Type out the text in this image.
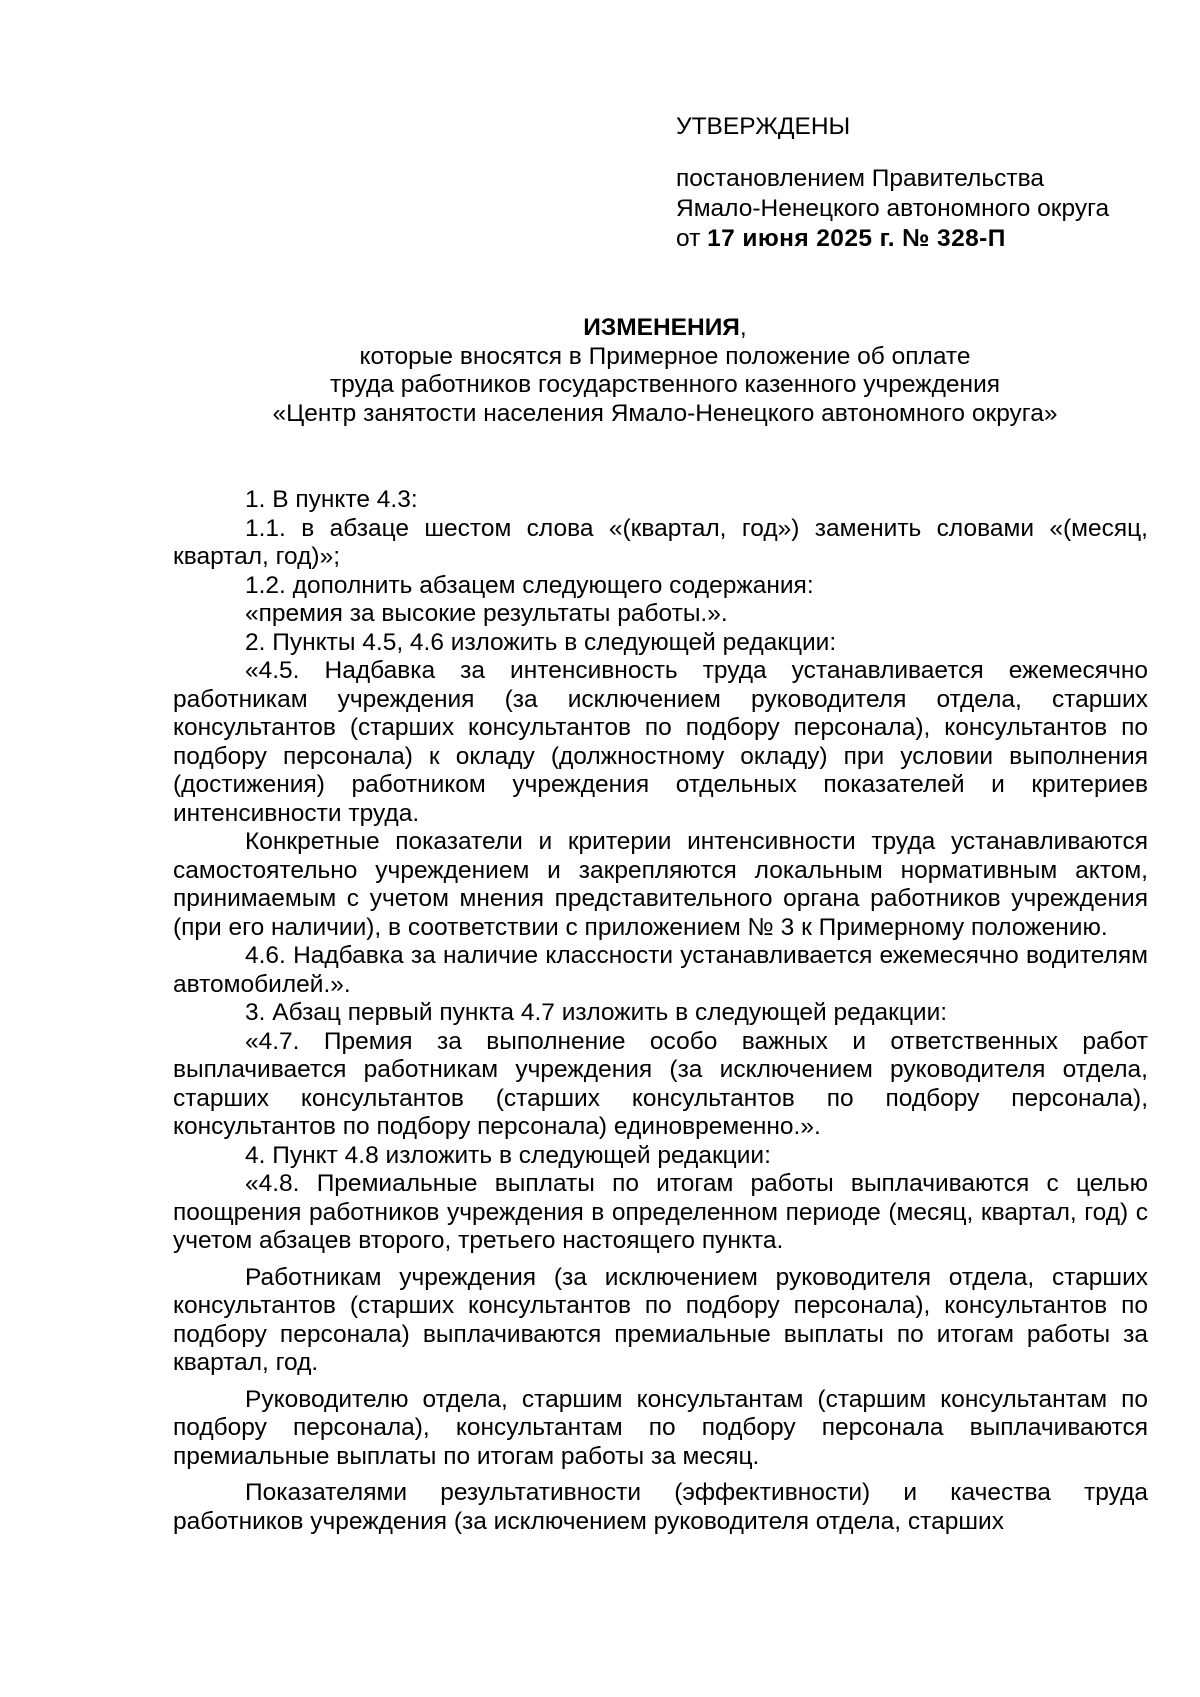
УТВЕРЖДЕНЫ
постановлением Правительства
Ямало-Ненецкого автономного округа
от 17 июня 2025 г. № 328-П
ИЗМЕНЕНИЯ,
которые вносятся в Примерное положение об оплате
труда работников государственного казенного учреждения
«Центр занятости населения Ямало-Ненецкого автономного округа»

1. В пункте 4.3:

1.1. в абзаце шестом слова «(квартал, год») заменить словами «(месяц, квартал, год)»;

1.2. дополнить абзацем следующего содержания:

«премия за высокие результаты работы.».

2. Пункты 4.5, 4.6 изложить в следующей редакции:

«4.5. Надбавка за интенсивность труда устанавливается ежемесячно работникам учреждения (за исключением руководителя отдела, старших консультантов (старших консультантов по подбору персонала), консультантов по подбору персонала) к окладу (должностному окладу) при условии выполнения (достижения) работником учреждения отдельных показателей и критериев интенсивности труда.

Конкретные показатели и критерии интенсивности труда устанавливаются самостоятельно учреждением и закрепляются локальным нормативным актом, принимаемым с учетом мнения представительного органа работников учреждения (при его наличии), в соответствии с приложением № 3 к Примерному положению.

4.6. Надбавка за наличие классности устанавливается ежемесячно водителям автомобилей.».

3. Абзац первый пункта 4.7 изложить в следующей редакции:

«4.7. Премия за выполнение особо важных и ответственных работ выплачивается работникам учреждения (за исключением руководителя отдела, старших консультантов (старших консультантов по подбору персонала), консультантов по подбору персонала) единовременно.».

4. Пункт 4.8 изложить в следующей редакции:

«4.8. Премиальные выплаты по итогам работы выплачиваются с целью поощрения работников учреждения в определенном периоде (месяц, квартал, год) с учетом абзацев второго, третьего настоящего пункта.

Работникам учреждения (за исключением руководителя отдела, старших консультантов (старших консультантов по подбору персонала), консультантов по подбору персонала) выплачиваются премиальные выплаты по итогам работы за квартал, год.

Руководителю отдела, старшим консультантам (старшим консультантам по подбору персонала), консультантам по подбору персонала выплачиваются премиальные выплаты по итогам работы за месяц.

Показателями результативности (эффективности) и качества труда работников учреждения (за исключением руководителя отдела, старших
